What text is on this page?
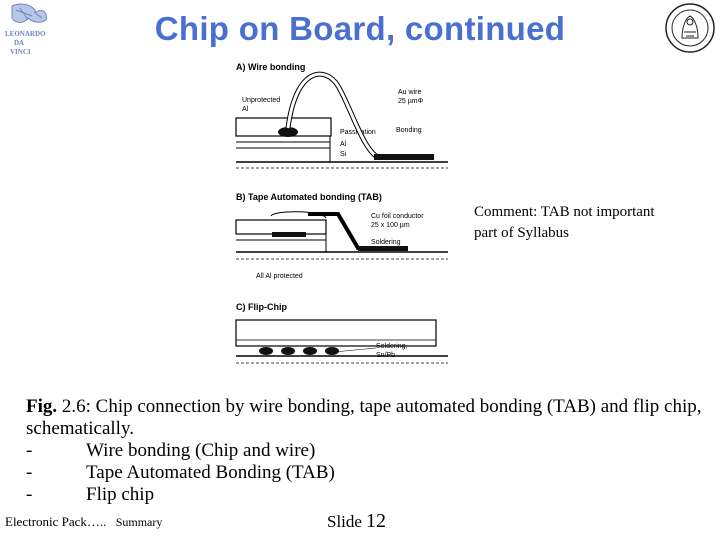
LEONARDO
DA
VINCI
Chip on Board, continued
A) Wire bonding
Unprotected
Al
Au wire
25 µmΦ
Passivation	Bonding
Al
Si
B) Tape Automated bonding (TAB)
Cu foil conductor
25 x 100 µm
Soldering
All Al protected
C) Flip-Chip
Soldering,
Sn/Pb
Comment: TAB not important
part of Syllabus
Fig. 2.6: Chip connection by wire bonding, tape automated bonding (TAB) and flip chip, schematically.
-	Wire bonding (Chip and wire)
-	Tape Automated Bonding (TAB)
-	Flip chip
Electronic Pack….. Summary	Slide 12
